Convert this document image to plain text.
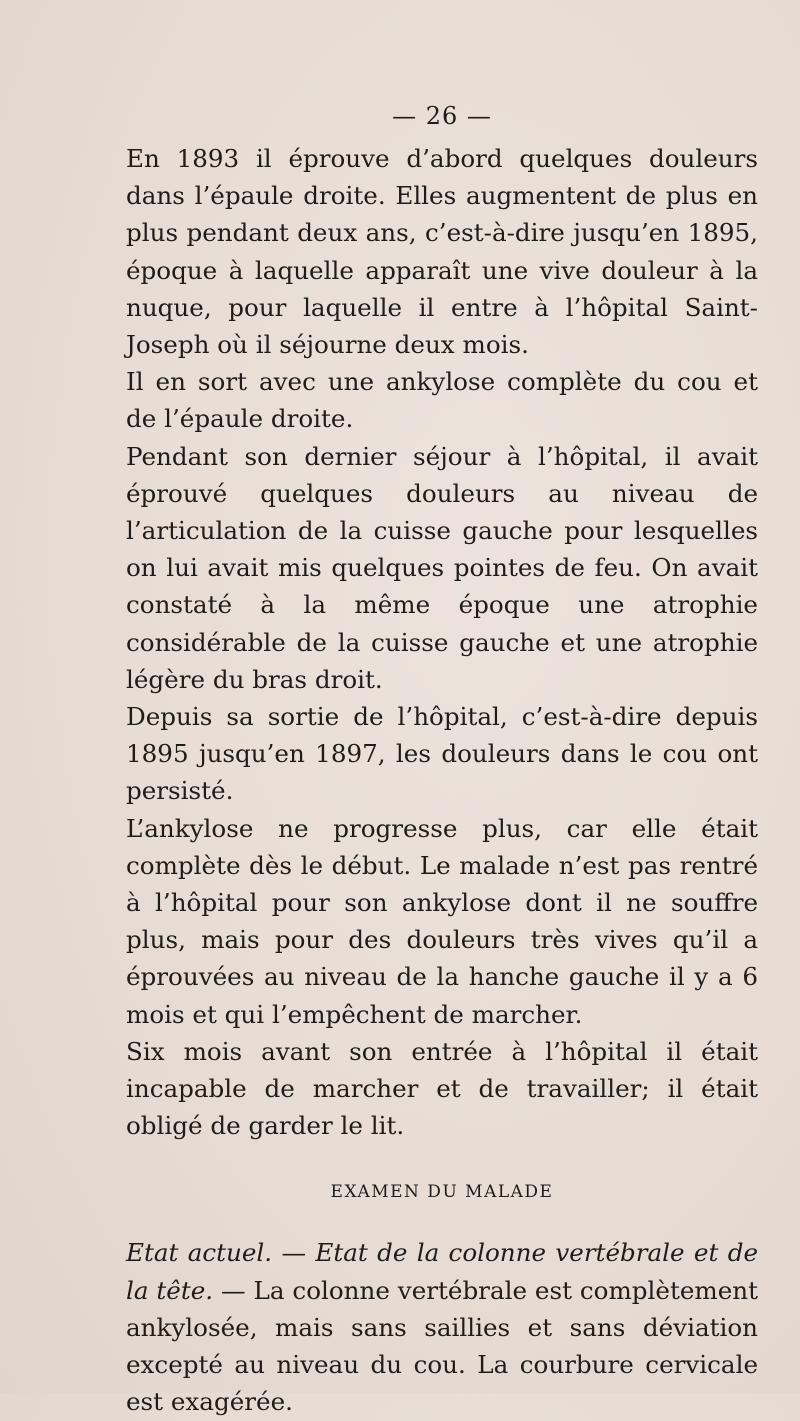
— 26 —

En 1893 il éprouve d’abord quelques douleurs dans l’épaule droite. Elles augmentent de plus en plus pendant deux ans, c’est-à-dire jusqu’en 1895, époque à laquelle apparaît une vive douleur à la nuque, pour laquelle il entre à l’hôpital Saint-Joseph où il séjourne deux mois.

Il en sort avec une ankylose complète du cou et de l’épaule droite.

Pendant son dernier séjour à l’hôpital, il avait éprouvé quelques douleurs au niveau de l’articulation de la cuisse gauche pour lesquelles on lui avait mis quelques pointes de feu. On avait constaté à la même époque une atrophie considérable de la cuisse gauche et une atrophie légère du bras droit.

Depuis sa sortie de l’hôpital, c’est-à-dire depuis 1895 jusqu’en 1897, les douleurs dans le cou ont persisté.

L’ankylose ne progresse plus, car elle était complète dès le début. Le malade n’est pas rentré à l’hôpital pour son ankylose dont il ne souffre plus, mais pour des douleurs très vives qu’il a éprouvées au niveau de la hanche gauche il y a 6 mois et qui l’empêchent de marcher.

Six mois avant son entrée à l’hôpital il était incapable de marcher et de travailler; il était obligé de garder le lit.

EXAMEN DU MALADE

Etat actuel. — Etat de la colonne vertébrale et de la tête. — La colonne vertébrale est complètement ankylosée, mais sans saillies et sans déviation excepté au niveau du cou. La courbure cervicale est exagérée.
